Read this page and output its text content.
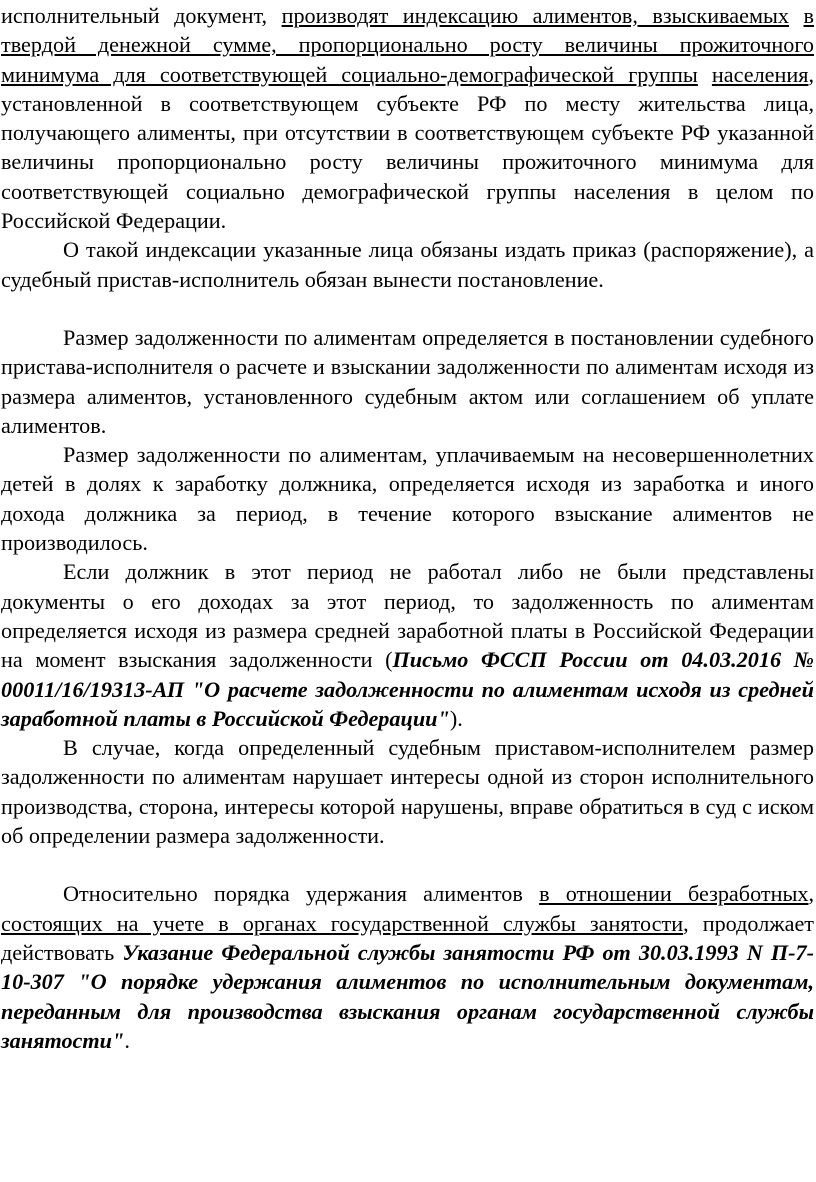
исполнительный документ, производят индексацию алиментов, взыскиваемых в твердой денежной сумме, пропорционально росту величины прожиточного минимума для соответствующей социально-демографической группы населения, установленной в соответствующем субъекте РФ по месту жительства лица, получающего алименты, при отсутствии в соответствующем субъекте РФ указанной величины пропорционально росту величины прожиточного минимума для соответствующей социально демографической группы населения в целом по Российской Федерации.

О такой индексации указанные лица обязаны издать приказ (распоряжение), а судебный пристав-исполнитель обязан вынести постановление.

Размер задолженности по алиментам определяется в постановлении судебного пристава-исполнителя о расчете и взыскании задолженности по алиментам исходя из размера алиментов, установленного судебным актом или соглашением об уплате алиментов.

Размер задолженности по алиментам, уплачиваемым на несовершеннолетних детей в долях к заработку должника, определяется исходя из заработка и иного дохода должника за период, в течение которого взыскание алиментов не производилось.

Если должник в этот период не работал либо не были представлены документы о его доходах за этот период, то задолженность по алиментам определяется исходя из размера средней заработной платы в Российской Федерации на момент взыскания задолженности (Письмо ФССП России от 04.03.2016 № 00011/16/19313-АП "О расчете задолженности по алиментам исходя из средней заработной платы в Российской Федерации").

В случае, когда определенный судебным приставом-исполнителем размер задолженности по алиментам нарушает интересы одной из сторон исполнительного производства, сторона, интересы которой нарушены, вправе обратиться в суд с иском об определении размера задолженности.

Относительно порядка удержания алиментов в отношении безработных, состоящих на учете в органах государственной службы занятости, продолжает действовать Указание Федеральной службы занятости РФ от 30.03.1993 N П-7-10-307 "О порядке удержания алиментов по исполнительным документам, переданным для производства взыскания органам государственной службы занятости".
